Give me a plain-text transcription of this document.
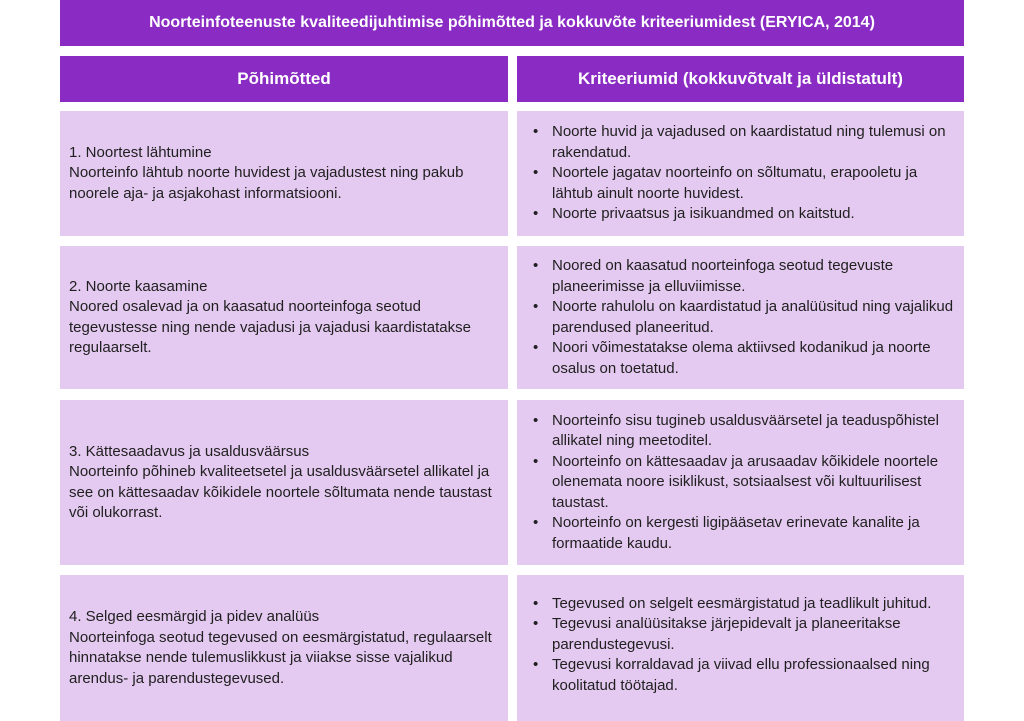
Noorteinfoteenuste kvaliteedijuhtimise põhimõtted ja kokkuvõte kriteeriumidest (ERYICA, 2014)
Põhimõtted	Kriteeriumid (kokkuvõtvalt ja üldistatult)
1. Noortest lähtumine
Noorteinfo lähtub noorte huvidest ja vajadustest ning pakub noorele aja- ja asjakohast informatsiooni.
• Noorte huvid ja vajadused on kaardistatud ning tulemusi on rakendatud.
• Noortele jagatav noorteinfo on sõltumatu, erapooletu ja lähtub ainult noorte huvidest.
• Noorte privaatsus ja isikuandmed on kaitstud.
2. Noorte kaasamine
Noored osalevad ja on kaasatud noorteinfoga seotud tegevustesse ning nende vajadusi ja vajadusi kaardistatakse regulaarselt.
• Noored on kaasatud noorteinfoga seotud tegevuste planeerimisse ja elluviimisse.
• Noorte rahulolu on kaardistatud ja analüüsitud ning vajalikud parendused planeeritud.
• Noori võimestatakse olema aktiivsed kodanikud ja noorte osalus on toetatud.
3. Kättesaadavus ja usaldusväärsus
Noorteinfo põhineb kvaliteetsetel ja usaldusväärsetel allikatel ja see on kättesaadav kõikidele noortele sõltumata nende taustast või olukorrast.
• Noorteinfo sisu tugineb usaldusväärsetel ja teaduspõhistel allikatel ning meetoditel.
• Noorteinfo on kättesaadav ja arusaadav kõikidele noortele olenemata noore isiklikust, sotsiaalsest või kultuurilisest taustast.
• Noorteinfo on kergesti ligipääsetav erinevate kanalite ja formaatide kaudu.
4. Selged eesmärgid ja pidev analüüs
Noorteinfoga seotud tegevused on eesmärgistatud, regulaarselt hinnatakse nende tulemuslikkust ja viiakse sisse vajalikud arendus- ja parendustegevused.
• Tegevused on selgelt eesmärgistatud ja teadlikult juhitud.
• Tegevusi analüüsitakse järjepidevalt ja planeeritakse parendustegevusi.
• Tegevusi korraldavad ja viivad ellu professionaalsed ning koolitatud töötajad.
